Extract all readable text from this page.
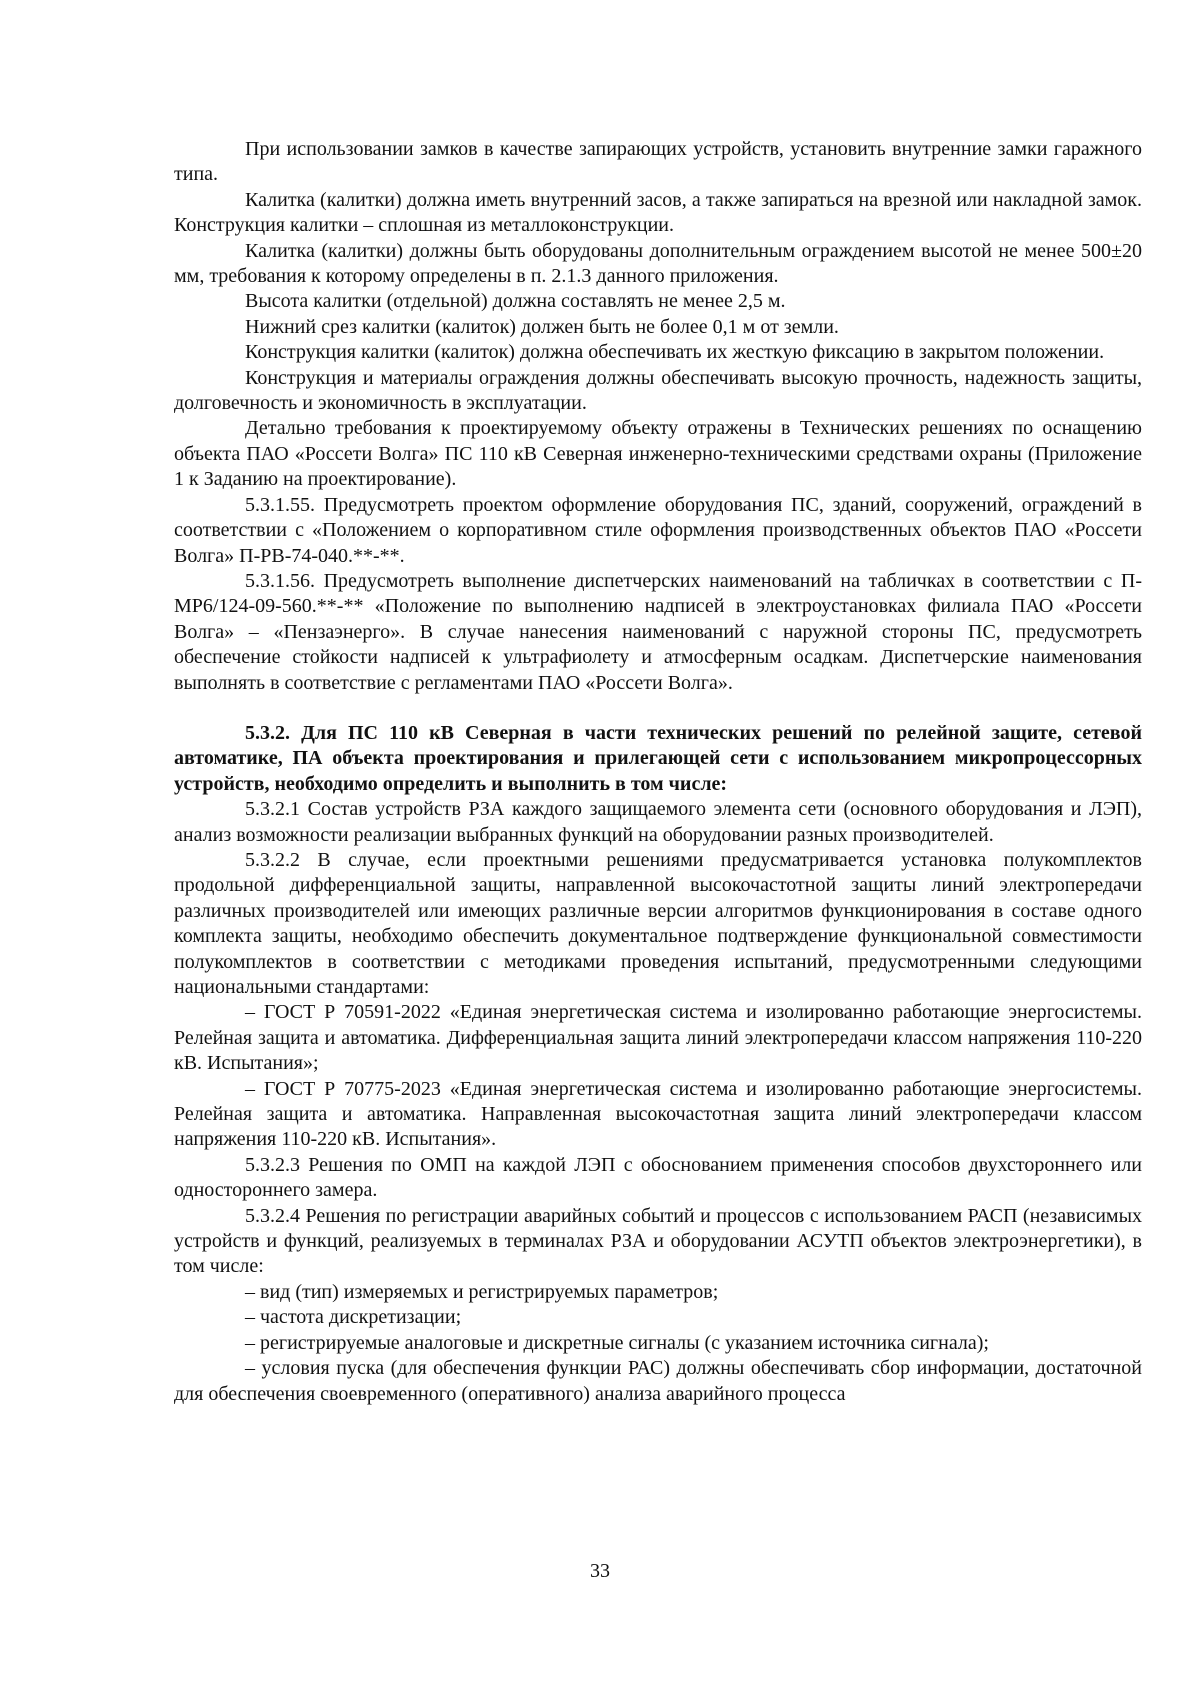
При использовании замков в качестве запирающих устройств, установить внутренние замки гаражного типа.

Калитка (калитки) должна иметь внутренний засов, а также запираться на врезной или накладной замок. Конструкция калитки – сплошная из металлоконструкции.

Калитка (калитки) должны быть оборудованы дополнительным ограждением высотой не менее 500±20 мм, требования к которому определены в п. 2.1.3 данного приложения.

Высота калитки (отдельной) должна составлять не менее 2,5 м.

Нижний срез калитки (калиток) должен быть не более 0,1 м от земли.

Конструкция калитки (калиток) должна обеспечивать их жесткую фиксацию в закрытом положении.

Конструкция и материалы ограждения должны обеспечивать высокую прочность, надежность защиты, долговечность и экономичность в эксплуатации.

Детально требования к проектируемому объекту отражены в Технических решениях по оснащению объекта ПАО «Россети Волга» ПС 110 кВ Северная инженерно-техническими средствами охраны (Приложение 1 к Заданию на проектирование).

5.3.1.55. Предусмотреть проектом оформление оборудования ПС, зданий, сооружений, ограждений в соответствии с «Положением о корпоративном стиле оформления производственных объектов ПАО «Россети Волга» П-РВ-74-040.**-**.

5.3.1.56. Предусмотреть выполнение диспетчерских наименований на табличках в соответствии с П-МР6/124-09-560.**-** «Положение по выполнению надписей в электроустановках филиала ПАО «Россети Волга» – «Пензаэнерго». В случае нанесения наименований с наружной стороны ПС, предусмотреть обеспечение стойкости надписей к ультрафиолету и атмосферным осадкам. Диспетчерские наименования выполнять в соответствие с регламентами ПАО «Россети Волга».

5.3.2. Для ПС 110 кВ Северная в части технических решений по релейной защите, сетевой автоматике, ПА объекта проектирования и прилегающей сети с использованием микропроцессорных устройств, необходимо определить и выполнить в том числе:

5.3.2.1 Состав устройств РЗА каждого защищаемого элемента сети (основного оборудования и ЛЭП), анализ возможности реализации выбранных функций на оборудовании разных производителей.

5.3.2.2 В случае, если проектными решениями предусматривается установка полукомплектов продольной дифференциальной защиты, направленной высокочастотной защиты линий электропередачи различных производителей или имеющих различные версии алгоритмов функционирования в составе одного комплекта защиты, необходимо обеспечить документальное подтверждение функциональной совместимости полукомплектов в соответствии с методиками проведения испытаний, предусмотренными следующими национальными стандартами:

– ГОСТ Р 70591-2022 «Единая энергетическая система и изолированно работающие энергосистемы. Релейная защита и автоматика. Дифференциальная защита линий электропередачи классом напряжения 110-220 кВ. Испытания»;

– ГОСТ Р 70775-2023 «Единая энергетическая система и изолированно работающие энергосистемы. Релейная защита и автоматика. Направленная высокочастотная защита линий электропередачи классом напряжения 110-220 кВ. Испытания».

5.3.2.3 Решения по ОМП на каждой ЛЭП с обоснованием применения способов двухстороннего или одностороннего замера.

5.3.2.4 Решения по регистрации аварийных событий и процессов с использованием РАСП (независимых устройств и функций, реализуемых в терминалах РЗА и оборудовании АСУТП объектов электроэнергетики), в том числе:

– вид (тип) измеряемых и регистрируемых параметров;

– частота дискретизации;

– регистрируемые аналоговые и дискретные сигналы (с указанием источника сигнала);

– условия пуска (для обеспечения функции РАС) должны обеспечивать сбор информации, достаточной для обеспечения своевременного (оперативного) анализа аварийного процесса

33
